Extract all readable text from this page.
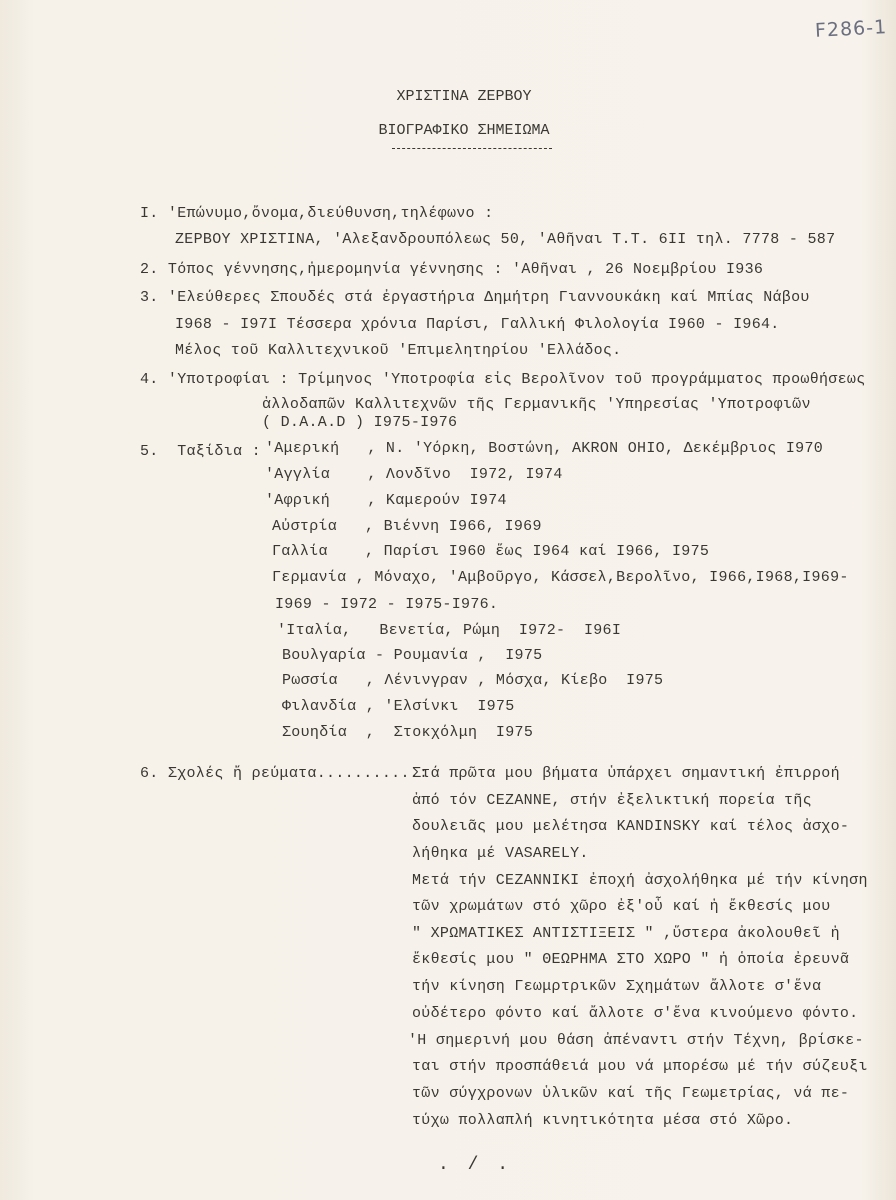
F286-1
ΧΡΙΣΤΙΝΑ ΖΕΡΒΟΥ
ΒΙΟΓΡΑΦΙΚΟ ΣΗΜΕΙΩΜΑ
I. 'Επώνυμο,ὄνομα,διεύθυνση,τηλέφωνο :
ΖΕΡΒΟΥ ΧΡΙΣΤΙΝΑ, 'Αλεξανδρουπόλεως 50, 'Αθῆναι Τ.Τ. 6II τηλ. 7778 - 587
2. Τόπος γέννησης,ἡμερομηνία γέννησης : 'Αθῆναι , 26 Νοεμβρίου I936
3. 'Ελεύθερες Σπουδές στά ἐργαστήρια Δημήτρη Γιαννουκάκη καί Μπίας Νάβου
I968 - I97I Τέσσερα χρόνια Παρίσι, Γαλλική Φιλολογία I960 - I964.
Μέλος τοῦ Καλλιτεχνικοῦ 'Επιμελητηρίου 'Ελλάδος.
4. 'Υποτροφίαι : Τρίμηνος 'Υποτροφία εἰς Βερολῖνον τοῦ προγράμματος προωθήσεως
ἀλλοδαπῶν Καλλιτεχνῶν τῆς Γερμανικῆς 'Υπηρεσίας 'Υποτροφιῶν
( D.A.A.D ) I975-I976
5.  Ταξίδια : 'Αμερική   , Ν. 'Υόρκη, Βοστώνη, AKRON OHIO, Δεκέμβριος I970
'Αγγλία    , Λονδῖνο  I972, I974
'Αφρική    , Καμερούν I974
Αὐστρία   , Βιέννη I966, I969
Γαλλία    , Παρίσι I960 ἕως I964 καί I966, I975
Γερμανία , Μόναχο, 'Αμβοῦργο, Κάσσελ,Βερολῖνο, I966,I968,I969-
I969 - I972 - I975-I976.
'Ιταλία,   Βενετία, Ρώμη  I972-  I96I
Βουλγαρία - Ρουμανία ,  I975
Ρωσσία   , Λένινγραν , Μόσχα, Κίεβο  I975
Φιλανδία , 'Ελσίνκι  I975
Σουηδία  ,  Στοκχόλμη  I975
6. Σχολές ἤ ρεύματα...........:
Στά πρῶτα μου βήματα ὑπάρχει σημαντική ἐπιρροή
ἀπό τόν CEZANNE, στήν ἐξελικτική πορεία τῆς
δουλειᾶς μου μελέτησα KANDINSKY καί τέλος ἀσχο-
λήθηκα μέ VASARELY.
Μετά τήν CEZANNIKI ἐποχή ἀσχολήθηκα μέ τήν κίνηση
τῶν χρωμάτων στό χῶρο ἐξ'οὗ καί ἡ ἔκθεσίς μου
" ΧΡΩΜΑΤΙΚΕΣ ΑΝΤΙΣΤΙΞΕΙΣ " ,ὕστερα ἀκολουθεῖ ἡ
ἔκθεσίς μου " ΘΕΩΡΗΜΑ ΣΤΟ ΧΩΡΟ " ἡ ὁποία ἐρευνᾶ
τήν κίνηση Γεωμρτρικῶν Σχημάτων ἄλλοτε σ'ἕνα
οὐδέτερο φόντο καί ἄλλοτε σ'ἕνα κινούμενο φόντο.
'Η σημερινή μου θάση ἀπέναντι στήν Τέχνη, βρίσκε-
ται στήν προσπάθειά μου νά μπορέσω μέ τήν σύζευξι
τῶν σύγχρονων ὑλικῶν καί τῆς Γεωμετρίας, νά πε-
τύχω πολλαπλή κινητικότητα μέσα στό Χῶρο.
. / .
